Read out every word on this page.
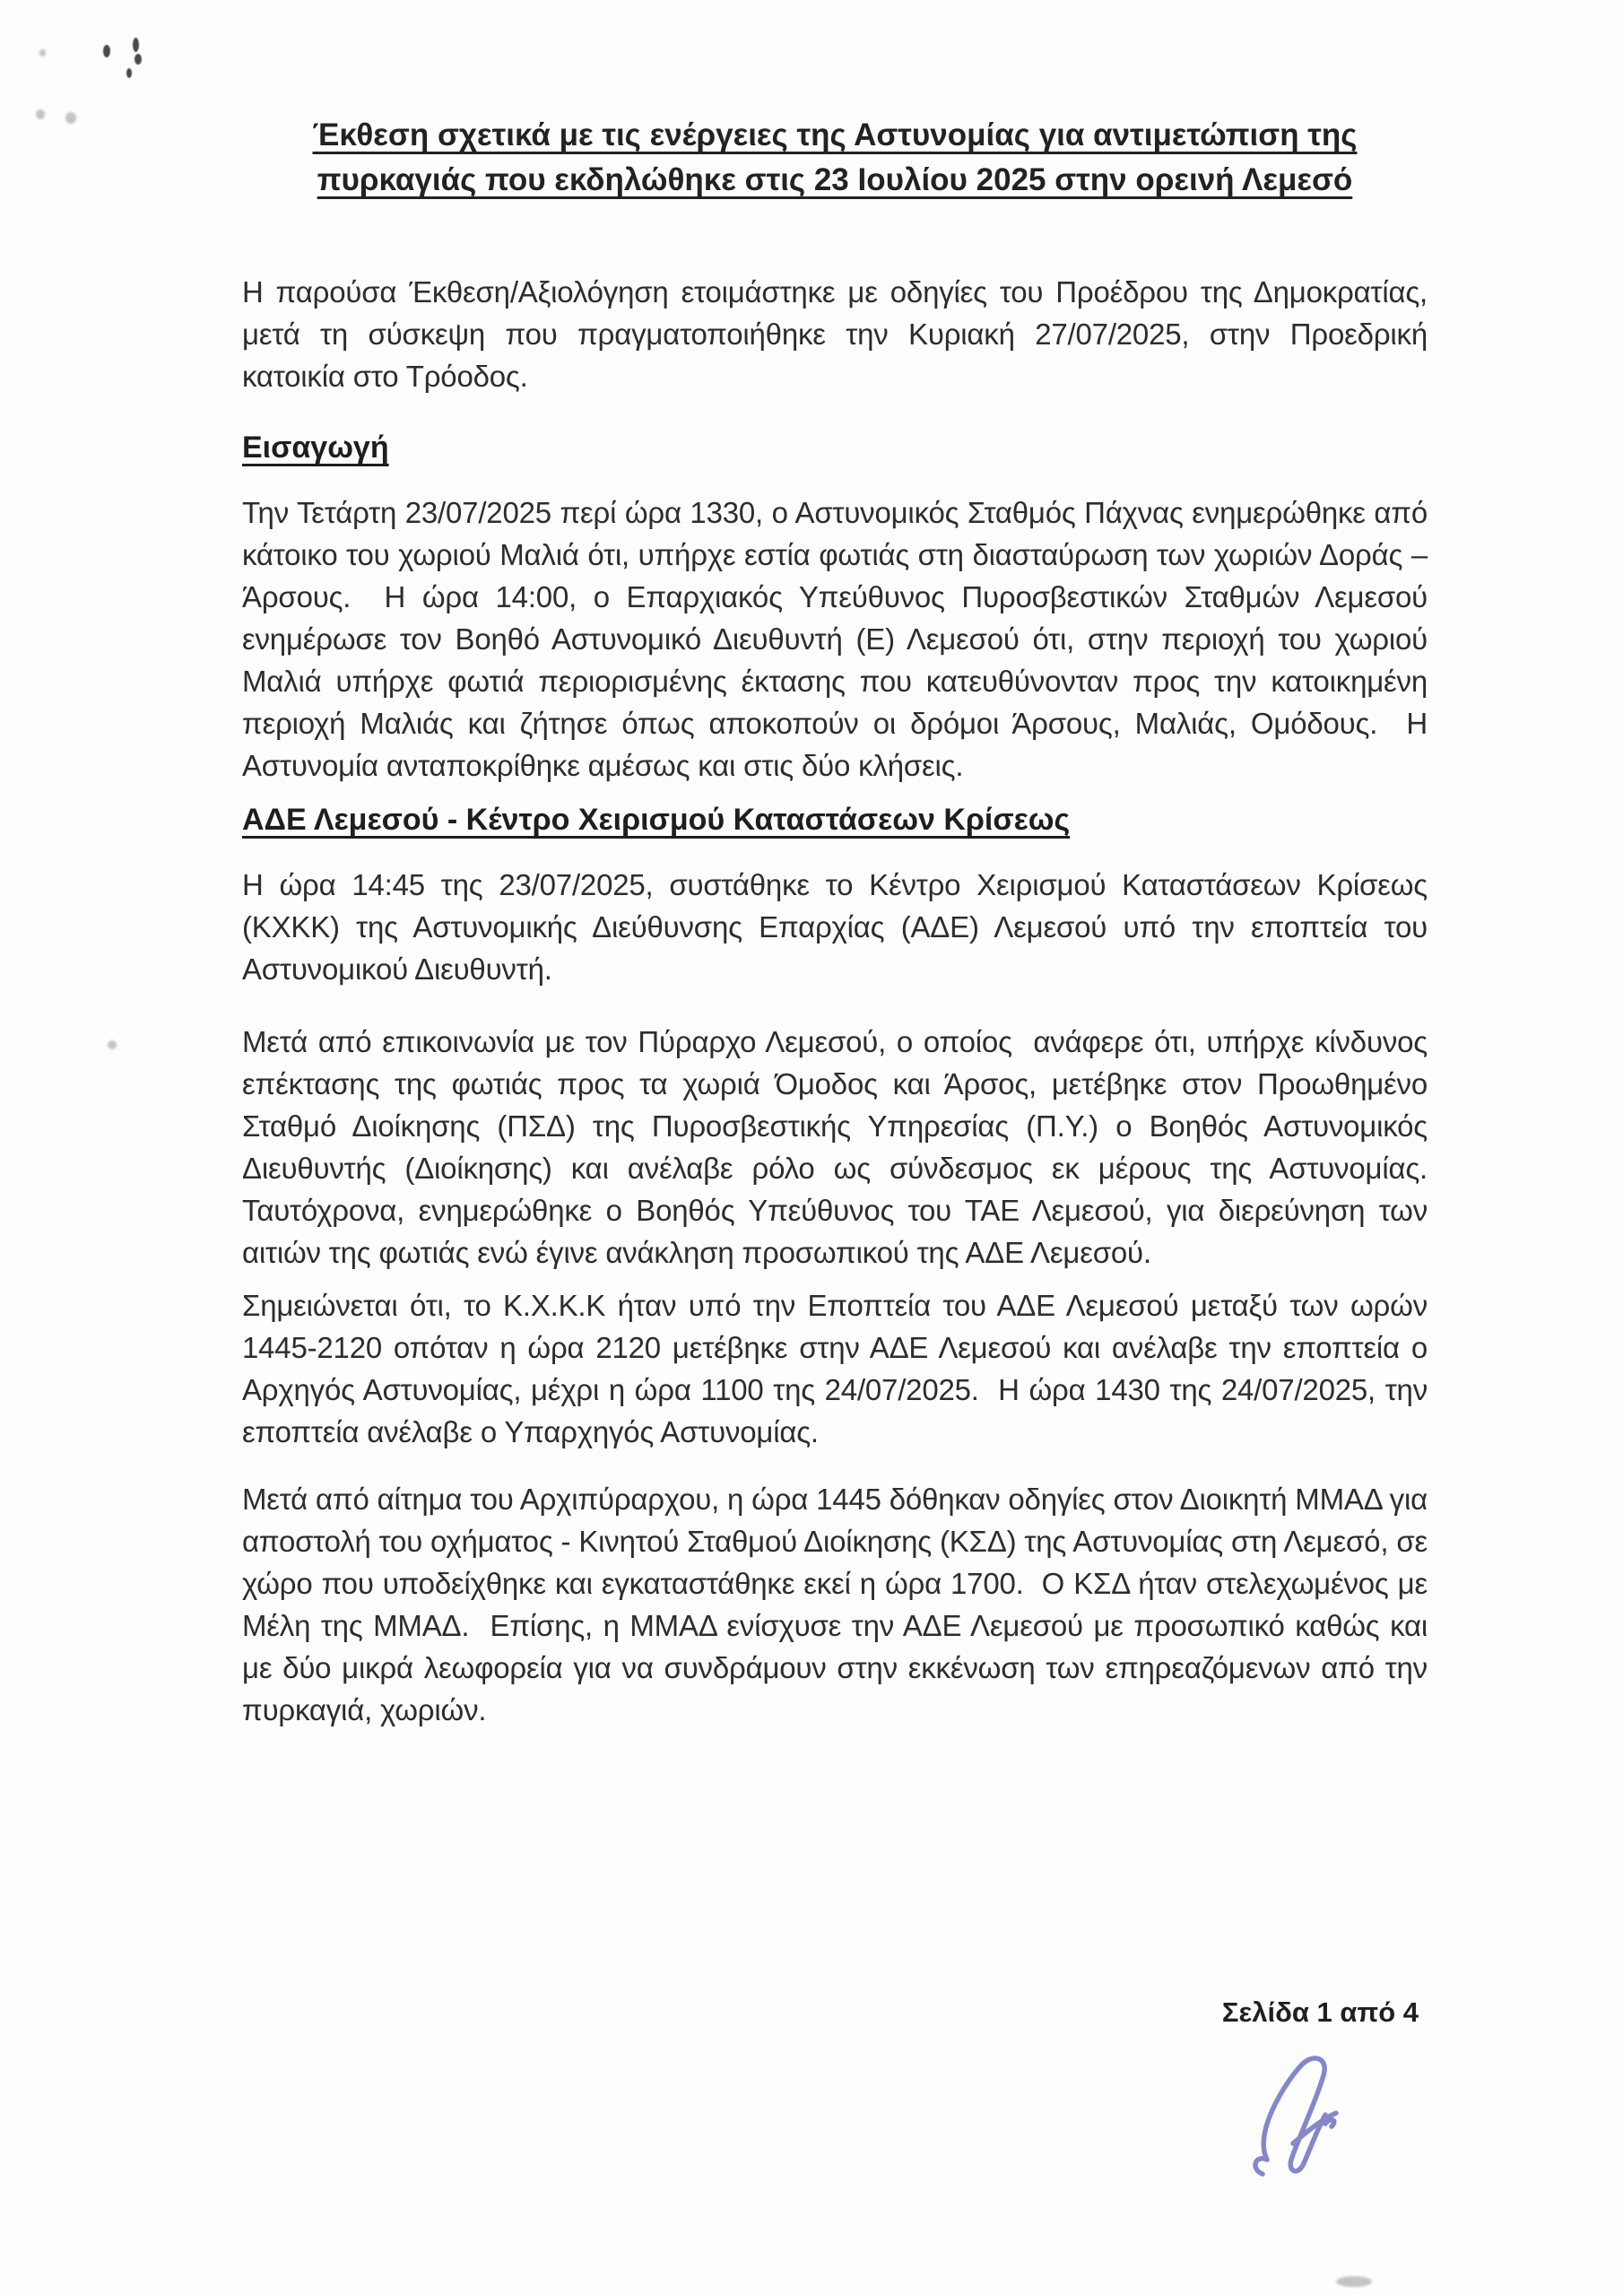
Έκθεση σχετικά με τις ενέργειες της Αστυνομίας για αντιμετώπιση της
πυρκαγιάς που εκδηλώθηκε στις 23 Ιουλίου 2025 στην ορεινή Λεμεσό
Η παρούσα Έκθεση/Αξιολόγηση ετοιμάστηκε με οδηγίες του Προέδρου της Δημοκρατίας, μετά τη σύσκεψη που πραγματοποιήθηκε την Κυριακή 27/07/2025, στην Προεδρική κατοικία στο Τρόοδος.
Εισαγωγή
Την Τετάρτη 23/07/2025 περί ώρα 1330, ο Αστυνομικός Σταθμός Πάχνας ενημερώθηκε από κάτοικο του χωριού Μαλιά ότι, υπήρχε εστία φωτιάς στη διασταύρωση των χωριών Δοράς – Άρσους.  Η ώρα 14:00, ο Επαρχιακός Υπεύθυνος Πυροσβεστικών Σταθμών Λεμεσού ενημέρωσε τον Βοηθό Αστυνομικό Διευθυντή (Ε) Λεμεσού ότι, στην περιοχή του χωριού Μαλιά υπήρχε φωτιά περιορισμένης έκτασης που κατευθύνονταν προς την κατοικημένη περιοχή Μαλιάς και ζήτησε όπως αποκοπούν οι δρόμοι Άρσους, Μαλιάς, Ομόδους.  Η Αστυνομία ανταποκρίθηκε αμέσως και στις δύο κλήσεις.
ΑΔΕ Λεμεσού - Κέντρο Χειρισμού Καταστάσεων Κρίσεως
Η ώρα 14:45 της 23/07/2025, συστάθηκε το Κέντρο Χειρισμού Καταστάσεων Κρίσεως (ΚΧΚΚ) της Αστυνομικής Διεύθυνσης Επαρχίας (ΑΔΕ) Λεμεσού υπό την εποπτεία του Αστυνομικού Διευθυντή.
Μετά από επικοινωνία με τον Πύραρχο Λεμεσού, ο οποίος  ανάφερε ότι, υπήρχε κίνδυνος επέκτασης της φωτιάς προς τα χωριά Όμοδος και Άρσος, μετέβηκε στον Προωθημένο Σταθμό Διοίκησης (ΠΣΔ) της Πυροσβεστικής Υπηρεσίας (Π.Υ.) ο Βοηθός Αστυνομικός Διευθυντής (Διοίκησης) και ανέλαβε ρόλο ως σύνδεσμος εκ μέρους της Αστυνομίας.  Ταυτόχρονα, ενημερώθηκε ο Βοηθός Υπεύθυνος του ΤΑΕ Λεμεσού, για διερεύνηση των αιτιών της φωτιάς ενώ έγινε ανάκληση προσωπικού της ΑΔΕ Λεμεσού.
Σημειώνεται ότι, το Κ.Χ.Κ.Κ ήταν υπό την Εποπτεία του ΑΔΕ Λεμεσού μεταξύ των ωρών 1445-2120 οπόταν η ώρα 2120 μετέβηκε στην ΑΔΕ Λεμεσού και ανέλαβε την εποπτεία ο Αρχηγός Αστυνομίας, μέχρι η ώρα 1100 της 24/07/2025.  Η ώρα 1430 της 24/07/2025, την εποπτεία ανέλαβε ο Υπαρχηγός Αστυνομίας.
Μετά από αίτημα του Αρχιπύραρχου, η ώρα 1445 δόθηκαν οδηγίες στον Διοικητή ΜΜΑΔ για αποστολή του οχήματος - Κινητού Σταθμού Διοίκησης (ΚΣΔ) της Αστυνομίας στη Λεμεσό, σε χώρο που υποδείχθηκε και εγκαταστάθηκε εκεί η ώρα 1700.  Ο ΚΣΔ ήταν στελεχωμένος με Μέλη της ΜΜΑΔ.  Επίσης, η ΜΜΑΔ ενίσχυσε την ΑΔΕ Λεμεσού με προσωπικό καθώς και με δύο μικρά λεωφορεία για να συνδράμουν στην εκκένωση των επηρεαζόμενων από την πυρκαγιά, χωριών.
Σελίδα 1 από 4
